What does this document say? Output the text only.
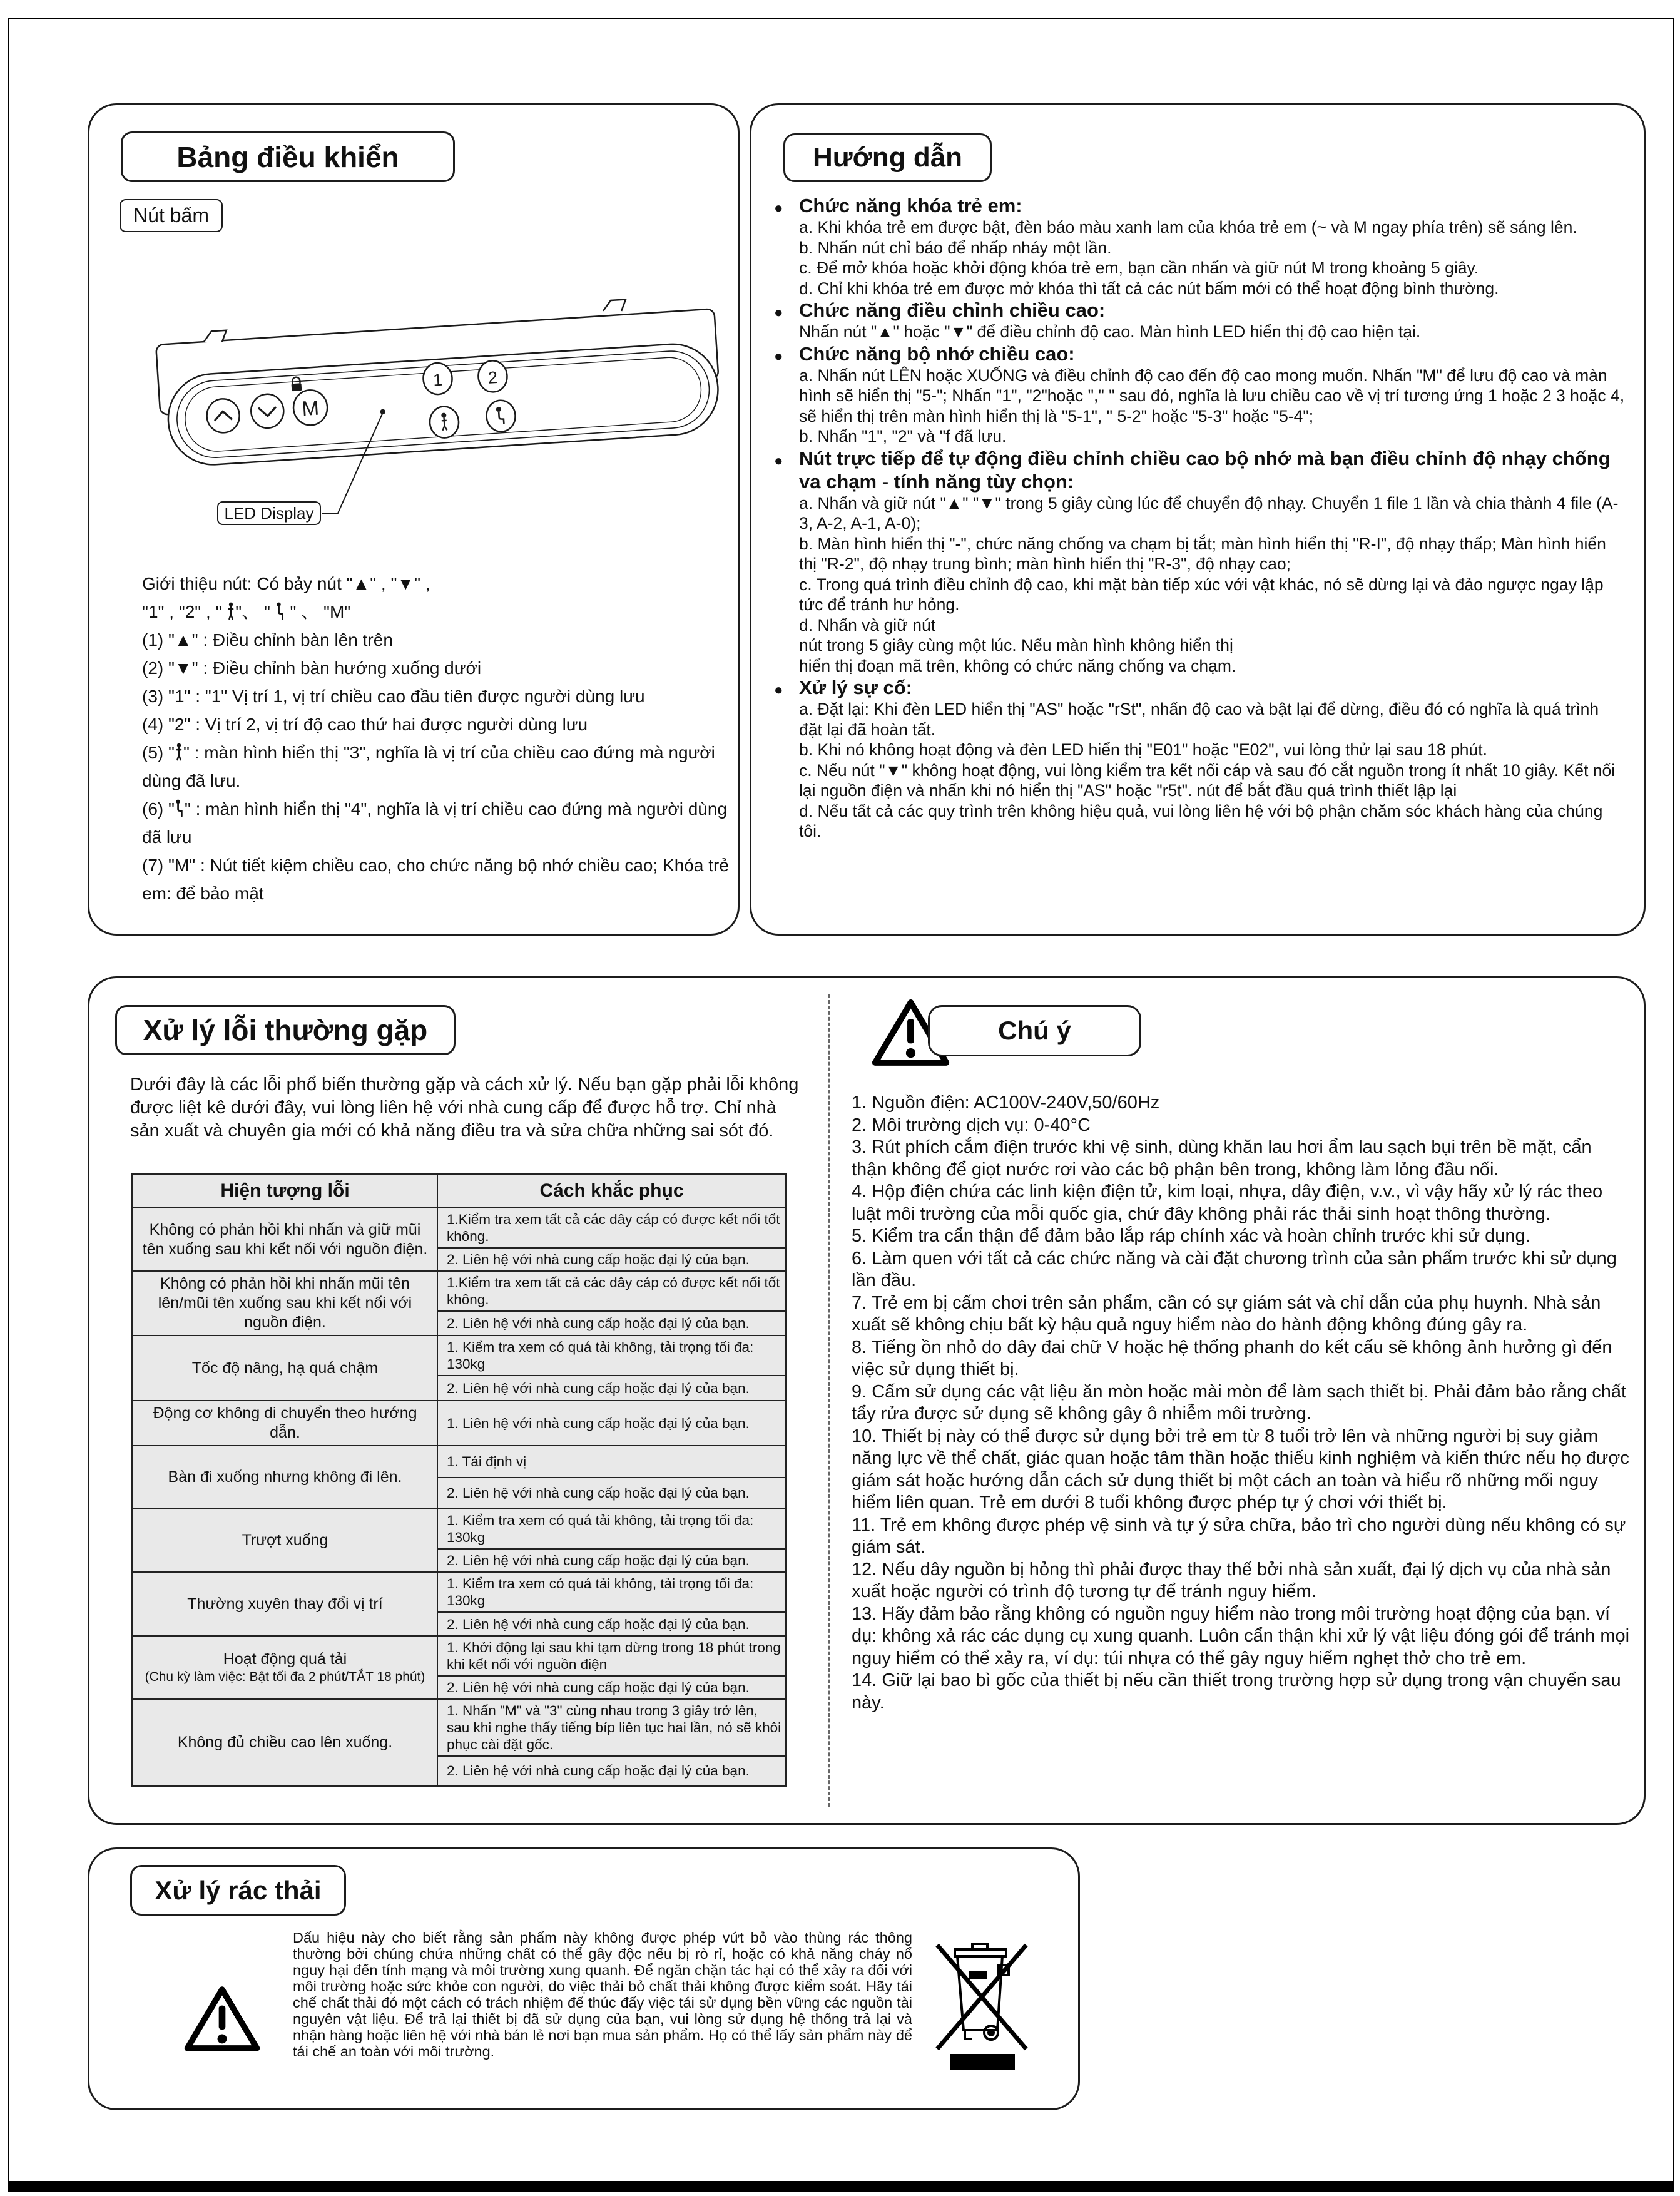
Bảng điều khiển
Nút bấm
M
1	2
LED Display
Giới thiệu nút: Có bảy nút "▲" , "▼" ,
"1" , "2" , " "、 "  " 、 "M"
(1) "▲" : Điều chỉnh bàn lên trên
(2) "▼" : Điều chỉnh bàn hướng xuống dưới
(3) "1" : "1" Vị trí 1, vị trí chiều cao đầu tiên được người dùng lưu
(4) "2" : Vị trí 2, vị trí độ cao thứ hai được người dùng lưu
(5) " " : màn hình hiển thị "3", nghĩa là vị trí của chiều cao đứng mà người dùng đã lưu.
(6) " " : màn hình hiển thị "4", nghĩa là vị trí chiều cao đứng mà người dùng đã lưu
(7) "M" : Nút tiết kiệm chiều cao, cho chức năng bộ nhớ chiều cao; Khóa trẻ em: để bảo mật
Hướng dẫn
● Chức năng khóa trẻ em:

a. Khi khóa trẻ em được bật, đèn báo màu xanh lam của khóa trẻ em (~ và M ngay phía trên) sẽ sáng lên.

b. Nhấn nút chỉ báo để nhấp nháy một lần.

c. Để mở khóa hoặc khởi động khóa trẻ em, bạn cần nhấn và giữ nút M trong khoảng 5 giây.

d. Chỉ khi khóa trẻ em được mở khóa thì tất cả các nút bấm mới có thể hoạt động bình thường.

● Chức năng điều chỉnh chiều cao:

Nhấn nút "▲" hoặc "▼" để điều chỉnh độ cao. Màn hình LED hiển thị độ cao hiện tại.

● Chức năng bộ nhớ chiều cao:

a. Nhấn nút LÊN hoặc XUỐNG và điều chỉnh độ cao đến độ cao mong muốn. Nhấn "M" để lưu độ cao và màn hình sẽ hiển thị "5-"; Nhấn "1", "2"hoặc "," " sau đó, nghĩa là lưu chiều cao về vị trí tương ứng 1 hoặc 2 3 hoặc 4, sẽ hiển thị trên màn hình hiển thị là "5-1", " 5-2" hoặc "5-3" hoặc "5-4";

b. Nhấn "1", "2" và "f đã lưu.

● Nút trực tiếp để tự động điều chỉnh chiều cao bộ nhớ mà bạn điều chỉnh độ nhạy chống va chạm - tính năng tùy chọn:

a. Nhấn và giữ nút "▲" "▼" trong 5 giây cùng lúc để chuyển độ nhạy. Chuyển 1 file 1 lần và chia thành 4 file (A-3, A-2, A-1, A-0);

b. Màn hình hiển thị "-", chức năng chống va chạm bị tắt; màn hình hiển thị "R-I", độ nhạy thấp; Màn hình hiển thị "R-2", độ nhạy trung bình; màn hình hiển thị "R-3", độ nhạy cao;

c. Trong quá trình điều chỉnh độ cao, khi mặt bàn tiếp xúc với vật khác, nó sẽ dừng lại và đảo ngược ngay lập tức để tránh hư hỏng.

d. Nhấn và giữ nút

nút trong 5 giây cùng một lúc. Nếu màn hình không hiển thị

hiển thị đoạn mã trên, không có chức năng chống va chạm.

● Xử lý sự cố:

a. Đặt lại: Khi đèn LED hiển thị "AS" hoặc "rSt", nhấn độ cao và bật lại để dừng, điều đó có nghĩa là quá trình đặt lại đã hoàn tất.

b. Khi nó không hoạt động và đèn LED hiển thị "E01" hoặc "E02", vui lòng thử lại sau 18 phút.

c. Nếu nút "▼" không hoạt động, vui lòng kiểm tra kết nối cáp và sau đó cắt nguồn trong ít nhất 10 giây. Kết nối lại nguồn điện và nhấn khi nó hiển thị "AS" hoặc "r5t". nút để bắt đầu quá trình thiết lập lại

d. Nếu tất cả các quy trình trên không hiệu quả, vui lòng liên hệ với bộ phận chăm sóc khách hàng của chúng tôi.

Xử lý lỗi thường gặp
Dưới đây là các lỗi phổ biến thường gặp và cách xử lý. Nếu bạn gặp phải lỗi không được liệt kê dưới đây, vui lòng liên hệ với nhà cung cấp để được hỗ trợ. Chỉ nhà sản xuất và chuyên gia mới có khả năng điều tra và sửa chữa những sai sót đó.
Hiện tượng lỗi	Cách khắc phục
Không có phản hồi khi nhấn và giữ mũi tên xuống sau khi kết nối với nguồn điện.
1.Kiểm tra xem tất cả các dây cáp có được kết nối tốt không.
2. Liên hệ với nhà cung cấp hoặc đại lý của bạn.
Không có phản hồi khi nhấn mũi tên lên/mũi tên xuống sau khi kết nối với nguồn điện.
1.Kiểm tra xem tất cả các dây cáp có được kết nối tốt không.
2. Liên hệ với nhà cung cấp hoặc đại lý của bạn.
Tốc độ nâng, hạ quá chậm
1. Kiểm tra xem có quá tải không, tải trọng tối đa: 130kg
2. Liên hệ với nhà cung cấp hoặc đại lý của bạn.
Động cơ không di chuyển theo hướng dẫn.
1. Liên hệ với nhà cung cấp hoặc đại lý của bạn.
Bàn đi xuống nhưng không đi lên.
1. Tái định vị
2. Liên hệ với nhà cung cấp hoặc đại lý của bạn.
Trượt xuống
1. Kiểm tra xem có quá tải không, tải trọng tối đa: 130kg
2. Liên hệ với nhà cung cấp hoặc đại lý của bạn.
Thường xuyên thay đổi vị trí
1. Kiểm tra xem có quá tải không, tải trọng tối đa: 130kg
2. Liên hệ với nhà cung cấp hoặc đại lý của bạn.
Hoạt động quá tải
(Chu kỳ làm việc: Bật tối đa 2 phút/TẮT 18 phút)
1. Khởi động lại sau khi tạm dừng trong 18 phút trong khi kết nối với nguồn điện
2. Liên hệ với nhà cung cấp hoặc đại lý của bạn.
Không đủ chiều cao lên xuống.
1. Nhấn "M" và "3" cùng nhau trong 3 giây trở lên, sau khi nghe thấy tiếng bíp liên tục hai lần, nó sẽ khôi phục cài đặt gốc.
2. Liên hệ với nhà cung cấp hoặc đại lý của bạn.
Chú ý

1. Nguồn điện: AC100V-240V,50/60Hz

2. Môi trường dịch vụ: 0-40°C

3. Rút phích cắm điện trước khi vệ sinh, dùng khăn lau hơi ẩm lau sạch bụi trên bề mặt, cẩn thận không để giọt nước rơi vào các bộ phận bên trong, không làm lỏng đầu nối.

4. Hộp điện chứa các linh kiện điện tử, kim loại, nhựa, dây điện, v.v., vì vậy hãy xử lý rác theo luật môi trường của mỗi quốc gia, chứ đây không phải rác thải sinh hoạt thông thường.

5. Kiểm tra cẩn thận để đảm bảo lắp ráp chính xác và hoàn chỉnh trước khi sử dụng.

6. Làm quen với tất cả các chức năng và cài đặt chương trình của sản phẩm trước khi sử dụng lần đầu.

7. Trẻ em bị cấm chơi trên sản phẩm, cần có sự giám sát và chỉ dẫn của phụ huynh. Nhà sản xuất sẽ không chịu bất kỳ hậu quả nguy hiểm nào do hành động không đúng gây ra.

8. Tiếng ồn nhỏ do dây đai chữ V hoặc hệ thống phanh do kết cấu sẽ không ảnh hưởng gì đến việc sử dụng thiết bị.

9. Cấm sử dụng các vật liệu ăn mòn hoặc mài mòn để làm sạch thiết bị. Phải đảm bảo rằng chất tẩy rửa được sử dụng sẽ không gây ô nhiễm môi trường.

10. Thiết bị này có thể được sử dụng bởi trẻ em từ 8 tuổi trở lên và những người bị suy giảm năng lực về thể chất, giác quan hoặc tâm thần hoặc thiếu kinh nghiệm và kiến thức nếu họ được giám sát hoặc hướng dẫn cách sử dụng thiết bị một cách an toàn và hiểu rõ những mối nguy hiểm liên quan. Trẻ em dưới 8 tuổi không được phép tự ý chơi với thiết bị.

11. Trẻ em không được phép vệ sinh và tự ý sửa chữa, bảo trì cho người dùng nếu không có sự giám sát.

12. Nếu dây nguồn bị hỏng thì phải được thay thế bởi nhà sản xuất, đại lý dịch vụ của nhà sản xuất hoặc người có trình độ tương tự để tránh nguy hiểm.

13. Hãy đảm bảo rằng không có nguồn nguy hiểm nào trong môi trường hoạt động của bạn. ví dụ: không xả rác các dụng cụ xung quanh. Luôn cẩn thận khi xử lý vật liệu đóng gói để tránh mọi nguy hiểm có thể xảy ra, ví dụ: túi nhựa có thể gây nguy hiểm nghẹt thở cho trẻ em.

14. Giữ lại bao bì gốc của thiết bị nếu cần thiết trong trường hợp sử dụng trong vận chuyển sau này.

Xử lý rác thải
Dấu hiệu này cho biết rằng sản phẩm này không được phép vứt bỏ vào thùng rác thông thường bởi chúng chứa những chất có thể gây độc nếu bị rò rỉ, hoặc có khả năng cháy nổ nguy hại đến tính mạng và môi trường xung quanh. Để ngăn chặn tác hại có thể xảy ra đối với môi trường hoặc sức khỏe con người, do việc thải bỏ chất thải không được kiểm soát. Hãy tái chế chất thải đó một cách có trách nhiệm để thúc đẩy việc tái sử dụng bền vững các nguồn tài nguyên vật liệu. Để trả lại thiết bị đã sử dụng của bạn, vui lòng sử dụng hệ thống trả lại và nhận hàng hoặc liên hệ với nhà bán lẻ nơi bạn mua sản phẩm. Họ có thể lấy sản phẩm này để tái chế an toàn với môi trường.
